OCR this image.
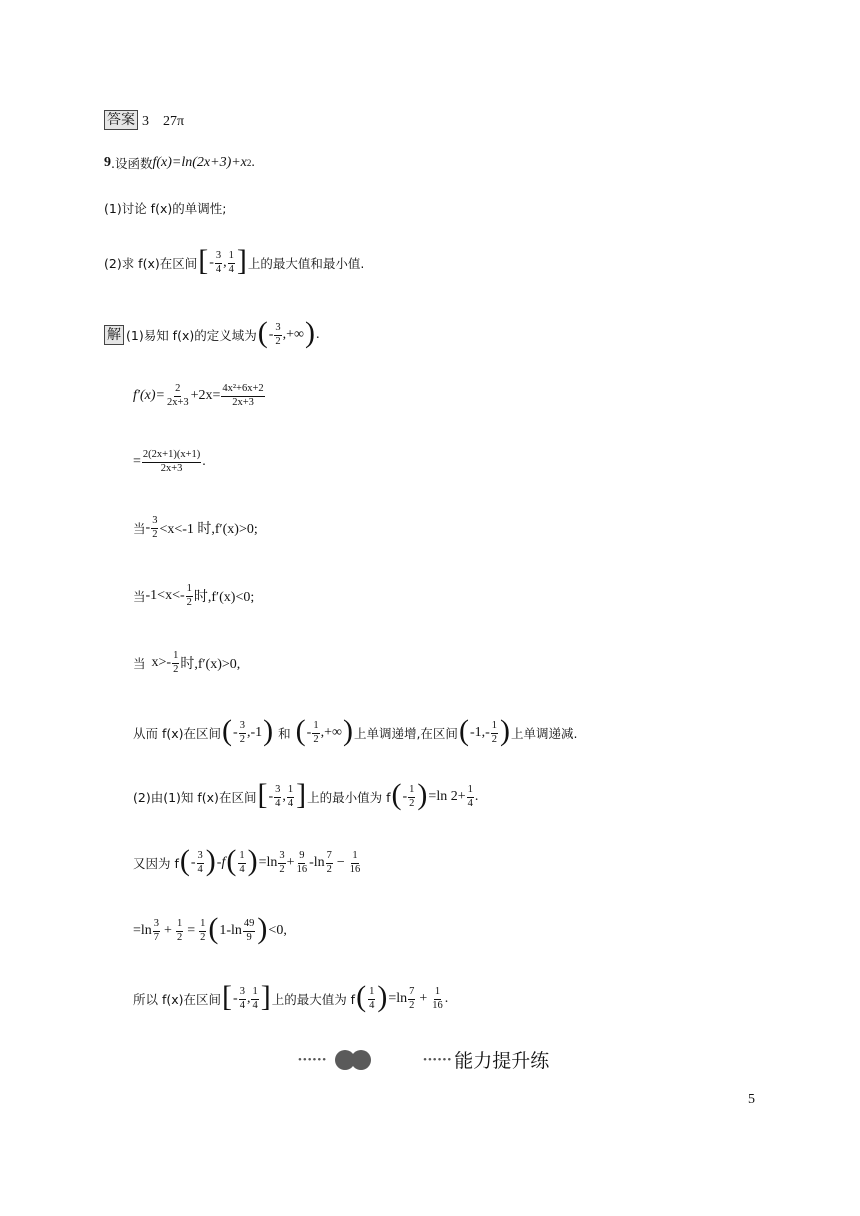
答案 3　27π
9 .设函数 f(x)=ln(2x+3)+x 2 .
(1)讨论 f(x)的单调性;
(2)求 f(x)在区间 [ - $\frac{3}{4}$ , $\frac{1}{4}$ ] 上的最大值和最小值.
解 (1)易知 f(x)的定义域为 ( - $\frac{3}{2}$ , +∞ ) .
$f'(x)= \frac{2}{2x+3} +2x= \frac{\text{4x²+6x+2}}{2x+3}$
= $\frac{2(2x+1)(x+1)}{2x+3}$ .
当 - $\frac{3}{2} <x<-1$ 时,f′(x)>0;
当 $-1<x<- \frac{1}{2}$ 时,f′(x)<0;
当 $x>- \frac{1}{2}$ 时,f′(x)>0,
从而 f(x)在区间 ( - $\frac{3}{2}$ , -1 ) 和 ( - $\frac{1}{2}$ , +∞ ) 上单调递增,在区间 ( -1 , - $\frac{1}{2}$ ) 上单调递减.
(2)由(1)知 f(x)在区间 [ - $\frac{3}{4}$ , $\frac{1}{4}$ ] 上的最小值为 f ( - $\frac{1}{2}$ ) =ln $2+ \frac{1}{4}$ .
又因为 f ( - $\frac{3}{4}$ ) -f ( $\frac{1}{4}$ ) $=\ln \frac{3}{2} + \frac{9}{16} - \ln \frac{7}{2} - \frac{1}{16}$
$=\ln \frac{3}{7} + \frac{1}{2} = \frac{1}{2}$ ( $1-\ln \frac{49}{9}$ ) <0,
所以 f(x)在区间 [ - $\frac{3}{4}$ , $\frac{1}{4}$ ] 上的最大值为 f ( $\frac{1}{4}$ ) $=\ln \frac{7}{2} + \frac{1}{16}$ .
••••••	•••••• 能力提升练
5
